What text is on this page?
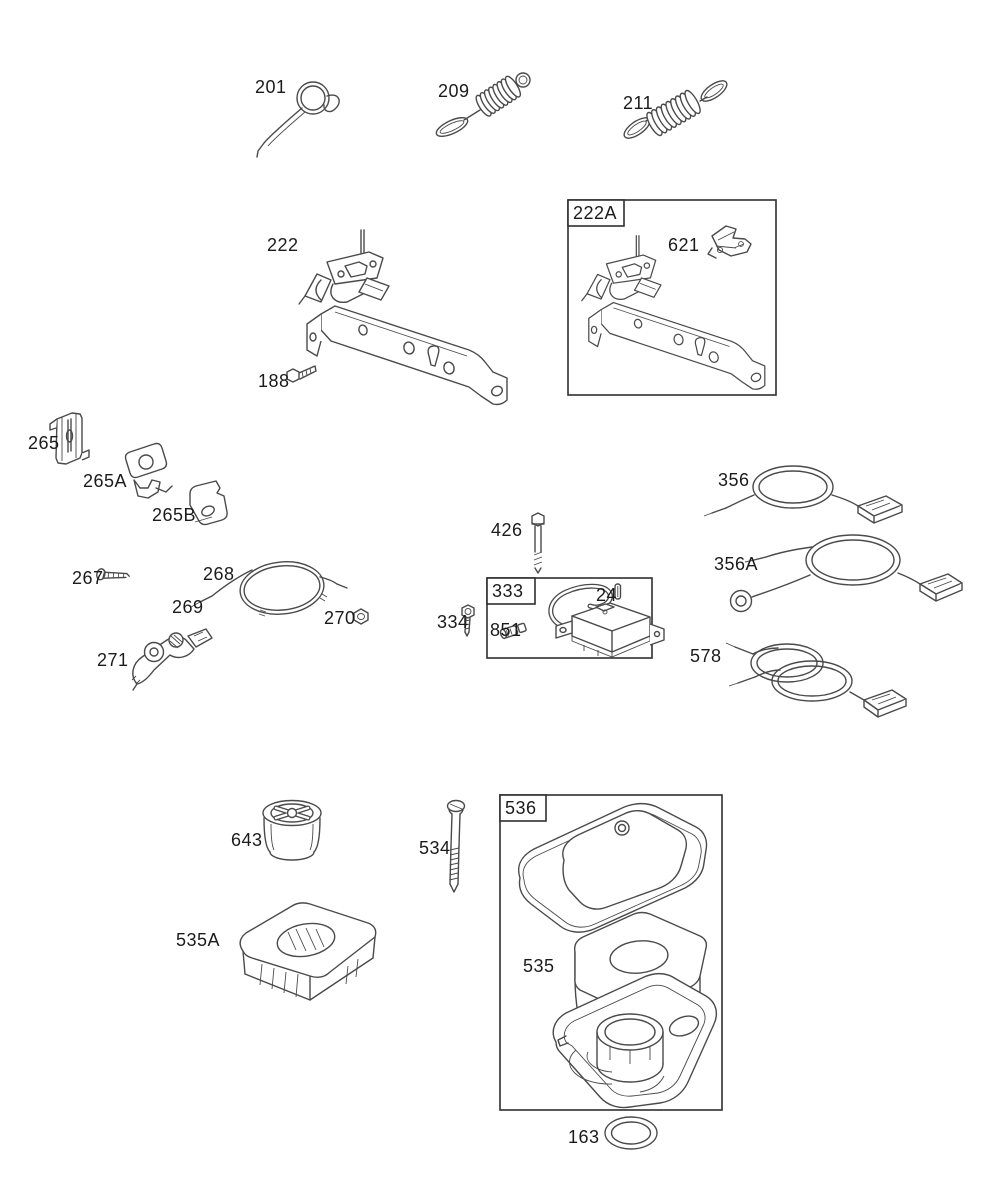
222A
333
536
201	209
211
222	621
188
265
265A
265B
356
426
356A
267	268
269
270
271
24
334 851
578
643	534
535A
535
163
